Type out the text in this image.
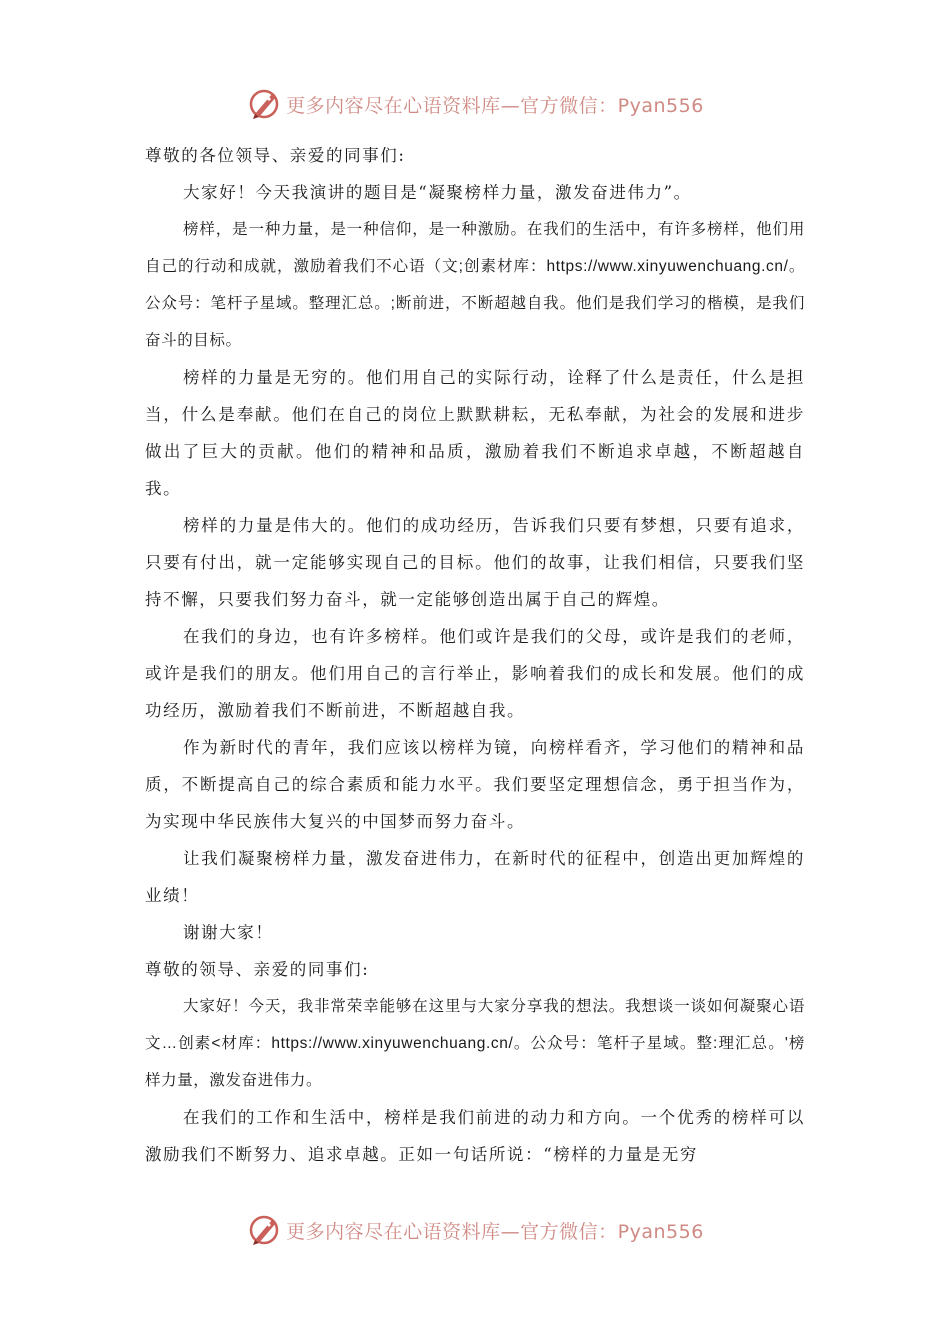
更多内容尽在心语资料库—官方微信：Pyan556

尊敬的各位领导、亲爱的同事们:

大家好！今天我演讲的题目是“凝聚榜样力量，激发奋进伟力”。

榜样，是一种力量，是一种信仰，是一种激励。在我们的生活中，有许多榜样，他们用自己的行动和成就，激励着我们不心语（文;创素材库：https://www.xinyuwenchuang.cn/。公众号：笔杆子星域。整理汇总。;断前进，不断超越自我。他们是我们学习的楷模，是我们奋斗的目标。

榜样的力量是无穷的。他们用自己的实际行动，诠释了什么是责任，什么是担当，什么是奉献。他们在自己的岗位上默默耕耘，无私奉献，为社会的发展和进步做出了巨大的贡献。他们的精神和品质，激励着我们不断追求卓越，不断超越自我。

榜样的力量是伟大的。他们的成功经历，告诉我们只要有梦想，只要有追求，只要有付出，就一定能够实现自己的目标。他们的故事，让我们相信，只要我们坚持不懈，只要我们努力奋斗，就一定能够创造出属于自己的辉煌。

在我们的身边，也有许多榜样。他们或许是我们的父母，或许是我们的老师，或许是我们的朋友。他们用自己的言行举止，影响着我们的成长和发展。他们的成功经历，激励着我们不断前进，不断超越自我。

作为新时代的青年，我们应该以榜样为镜，向榜样看齐，学习他们的精神和品质，不断提高自己的综合素质和能力水平。我们要坚定理想信念，勇于担当作为，为实现中华民族伟大复兴的中国梦而努力奋斗。

让我们凝聚榜样力量，激发奋进伟力，在新时代的征程中，创造出更加辉煌的业绩！

谢谢大家！

尊敬的领导、亲爱的同事们:

大家好！今天，我非常荣幸能够在这里与大家分享我的想法。我想谈一谈如何凝聚心语文…创素<材库：https://www.xinyuwenchuang.cn/。公众号：笔杆子星域。整:理汇总。'榜样力量，激发奋进伟力。

在我们的工作和生活中，榜样是我们前进的动力和方向。一个优秀的榜样可以激励我们不断努力、追求卓越。正如一句话所说：“榜样的力量是无穷

更多内容尽在心语资料库—官方微信：Pyan556
